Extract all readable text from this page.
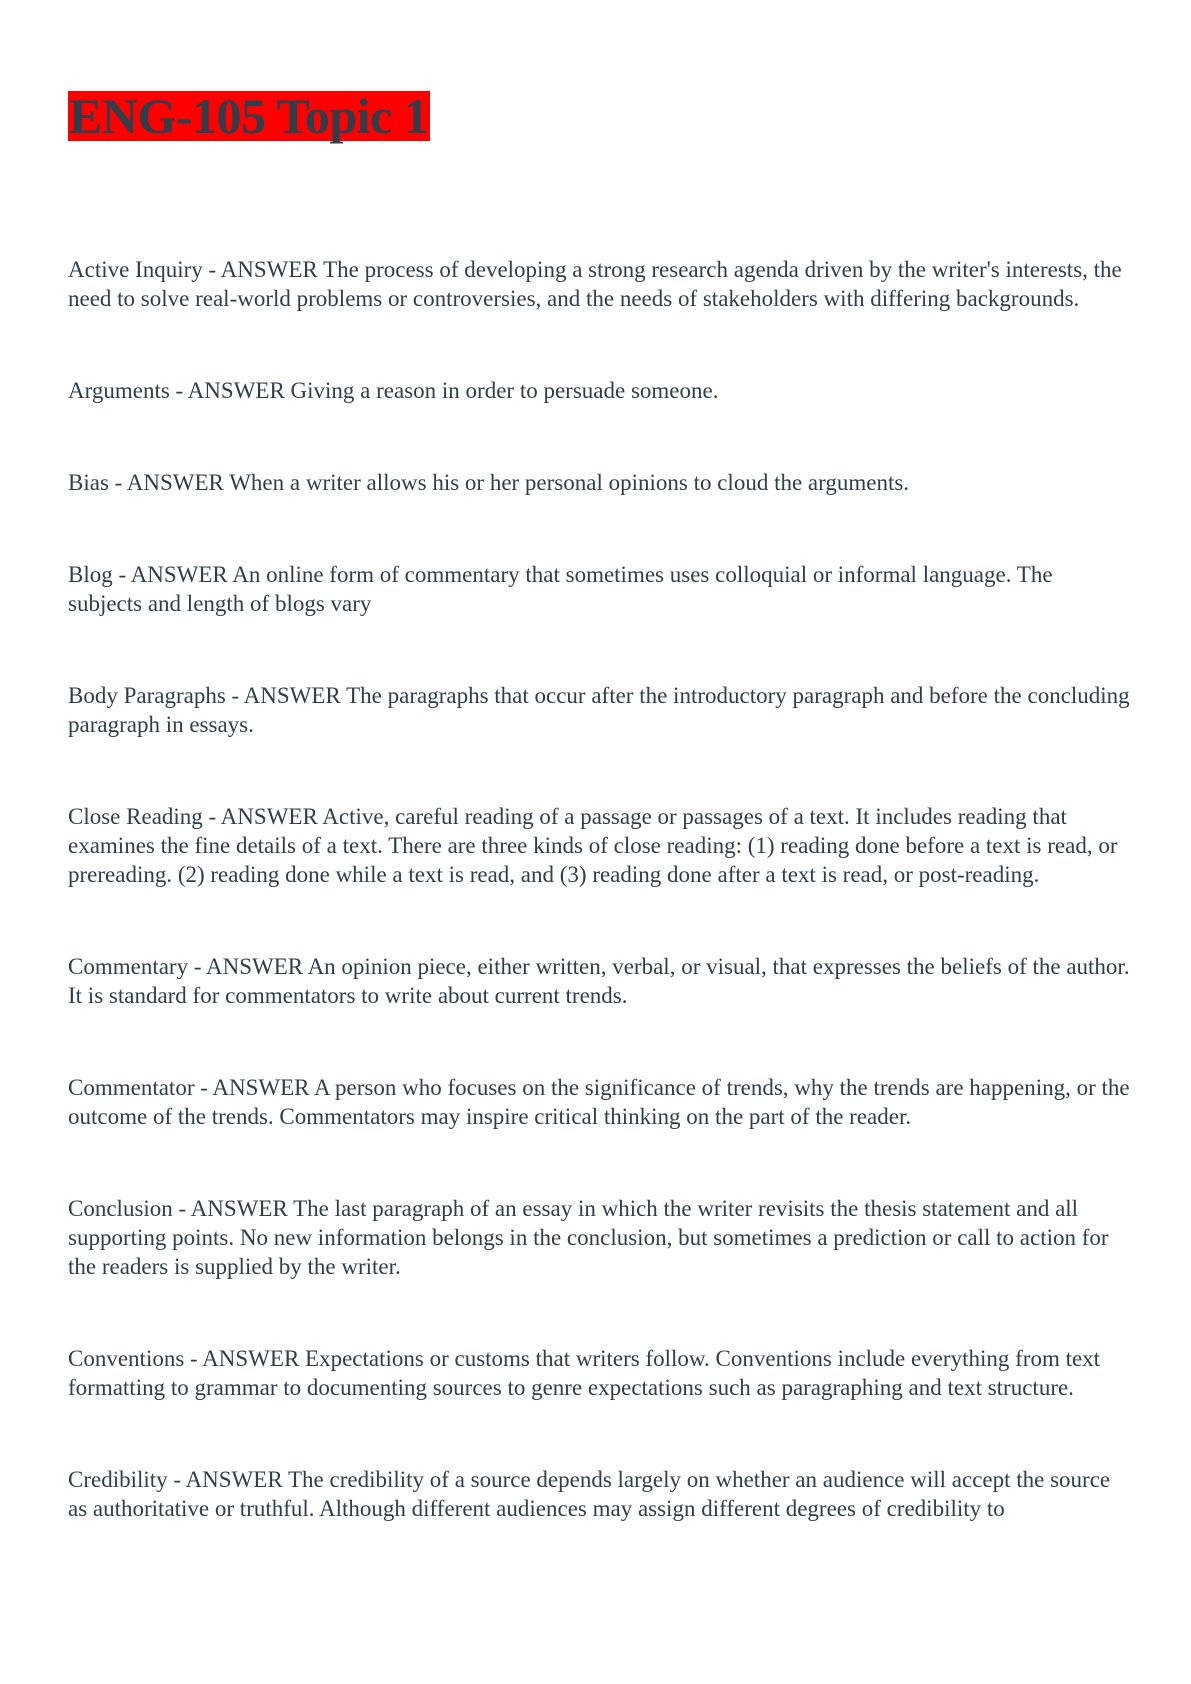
ENG-105 Topic 1

Active Inquiry - ANSWER The process of developing a strong research agenda driven by the writer's interests, the need to solve real-world problems or controversies, and the needs of stakeholders with differing backgrounds.

Arguments - ANSWER Giving a reason in order to persuade someone.

Bias - ANSWER When a writer allows his or her personal opinions to cloud the arguments.

Blog - ANSWER An online form of commentary that sometimes uses colloquial or informal language. The subjects and length of blogs vary

Body Paragraphs - ANSWER The paragraphs that occur after the introductory paragraph and before the concluding paragraph in essays.

Close Reading - ANSWER Active, careful reading of a passage or passages of a text. It includes reading that examines the fine details of a text. There are three kinds of close reading: (1) reading done before a text is read, or prereading. (2) reading done while a text is read, and (3) reading done after a text is read, or post-reading.

Commentary - ANSWER An opinion piece, either written, verbal, or visual, that expresses the beliefs of the author. It is standard for commentators to write about current trends.

Commentator - ANSWER A person who focuses on the significance of trends, why the trends are happening, or the outcome of the trends. Commentators may inspire critical thinking on the part of the reader.

Conclusion - ANSWER The last paragraph of an essay in which the writer revisits the thesis statement and all supporting points. No new information belongs in the conclusion, but sometimes a prediction or call to action for the readers is supplied by the writer.

Conventions - ANSWER Expectations or customs that writers follow. Conventions include everything from text formatting to grammar to documenting sources to genre expectations such as paragraphing and text structure.

Credibility - ANSWER The credibility of a source depends largely on whether an audience will accept the source as authoritative or truthful. Although different audiences may assign different degrees of credibility to
